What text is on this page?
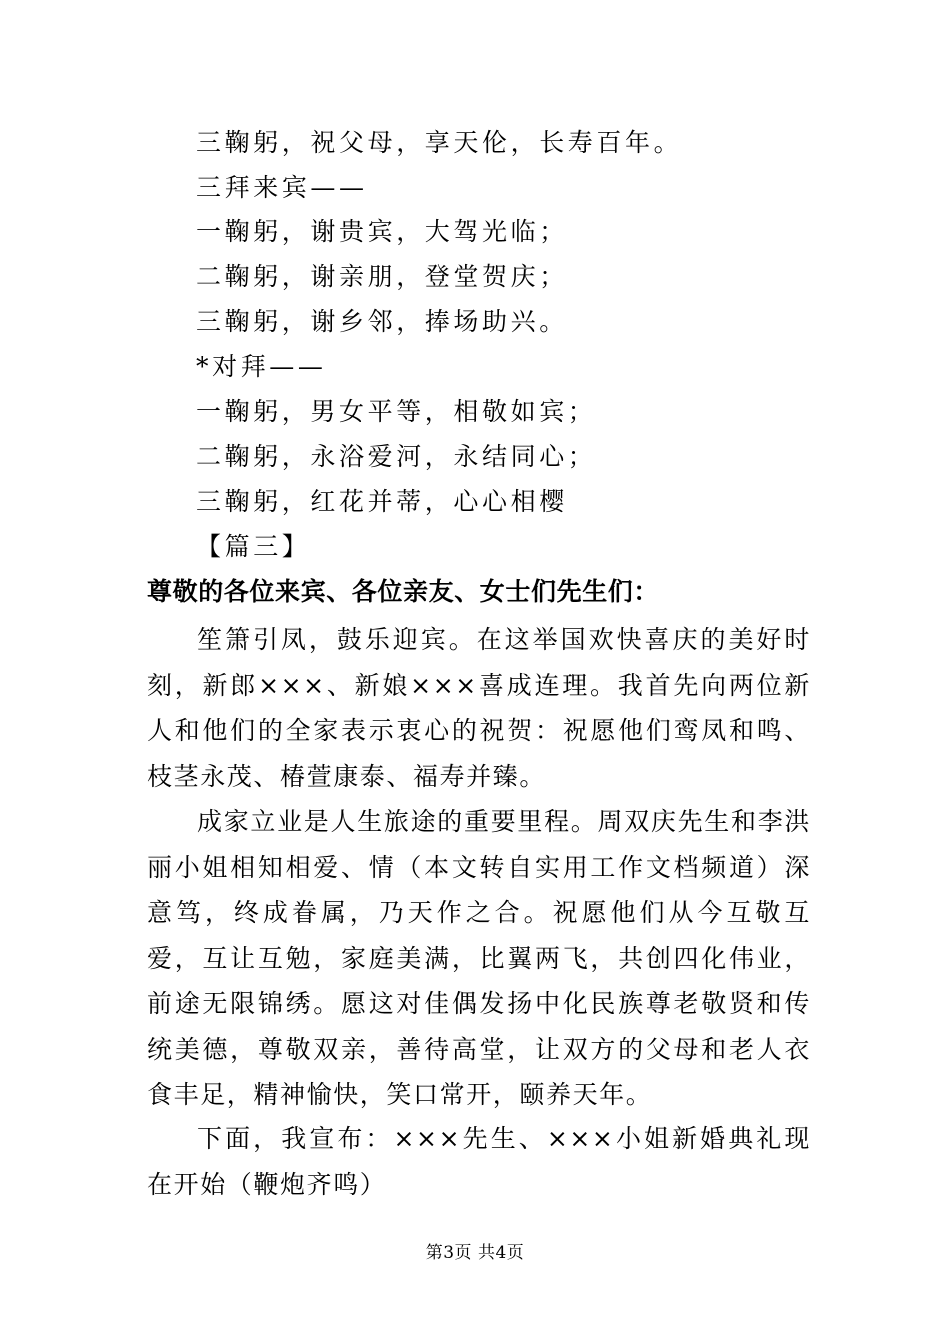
三鞠躬，祝父母，享天伦，长寿百年。
三拜来宾——
一鞠躬，谢贵宾，大驾光临；
二鞠躬，谢亲朋，登堂贺庆；
三鞠躬，谢乡邻，捧场助兴。
*对拜——
一鞠躬，男女平等，相敬如宾；
二鞠躬，永浴爱河，永结同心；
三鞠躬，红花并蒂，心心相樱
【篇三】
尊敬的各位来宾、各位亲友、女士们先生们：

笙箫引凤，鼓乐迎宾。在这举国欢快喜庆的美好时刻，新郎×××、新娘×××喜成连理。我首先向两位新人和他们的全家表示衷心的祝贺：祝愿他们鸾凤和鸣、枝茎永茂、椿萱康泰、福寿并臻。

成家立业是人生旅途的重要里程。周双庆先生和李洪丽小姐相知相爱、情（本文转自实用工作文档频道）深意笃，终成眷属，乃天作之合。祝愿他们从今互敬互爱，互让互勉，家庭美满，比翼两飞，共创四化伟业，前途无限锦绣。愿这对佳偶发扬中化民族尊老敬贤和传统美德，尊敬双亲，善待高堂，让双方的父母和老人衣食丰足，精神愉快，笑口常开，颐养天年。

下面，我宣布：×××先生、×××小姐新婚典礼现在开始（鞭炮齐鸣）

第3页 共4页
